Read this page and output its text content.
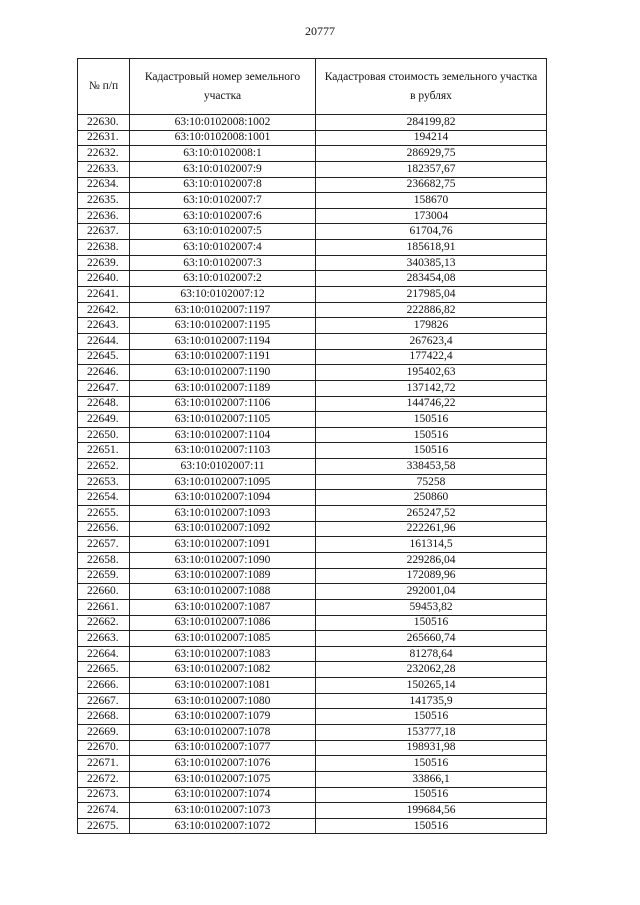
20777
№ п/п	Кадастровый номер земельного участка	Кадастровая стоимость земельного участка в рублях
22630.	63:10:0102008:1002	284199,82
22631.	63:10:0102008:1001	194214
22632.	63:10:0102008:1	286929,75
22633.	63:10:0102007:9	182357,67
22634.	63:10:0102007:8	236682,75
22635.	63:10:0102007:7	158670
22636.	63:10:0102007:6	173004
22637.	63:10:0102007:5	61704,76
22638.	63:10:0102007:4	185618,91
22639.	63:10:0102007:3	340385,13
22640.	63:10:0102007:2	283454,08
22641.	63:10:0102007:12	217985,04
22642.	63:10:0102007:1197	222886,82
22643.	63:10:0102007:1195	179826
22644.	63:10:0102007:1194	267623,4
22645.	63:10:0102007:1191	177422,4
22646.	63:10:0102007:1190	195402,63
22647.	63:10:0102007:1189	137142,72
22648.	63:10:0102007:1106	144746,22
22649.	63:10:0102007:1105	150516
22650.	63:10:0102007:1104	150516
22651.	63:10:0102007:1103	150516
22652.	63:10:0102007:11	338453,58
22653.	63:10:0102007:1095	75258
22654.	63:10:0102007:1094	250860
22655.	63:10:0102007:1093	265247,52
22656.	63:10:0102007:1092	222261,96
22657.	63:10:0102007:1091	161314,5
22658.	63:10:0102007:1090	229286,04
22659.	63:10:0102007:1089	172089,96
22660.	63:10:0102007:1088	292001,04
22661.	63:10:0102007:1087	59453,82
22662.	63:10:0102007:1086	150516
22663.	63:10:0102007:1085	265660,74
22664.	63:10:0102007:1083	81278,64
22665.	63:10:0102007:1082	232062,28
22666.	63:10:0102007:1081	150265,14
22667.	63:10:0102007:1080	141735,9
22668.	63:10:0102007:1079	150516
22669.	63:10:0102007:1078	153777,18
22670.	63:10:0102007:1077	198931,98
22671.	63:10:0102007:1076	150516
22672.	63:10:0102007:1075	33866,1
22673.	63:10:0102007:1074	150516
22674.	63:10:0102007:1073	199684,56
22675.	63:10:0102007:1072	150516
